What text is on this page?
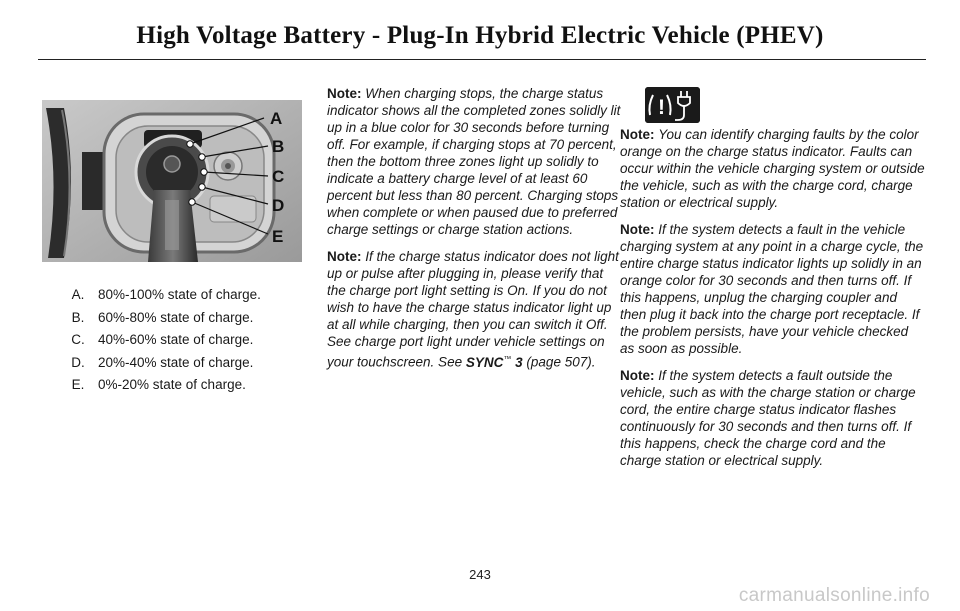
High Voltage Battery - Plug-In Hybrid Electric Vehicle (PHEV)
A
B
C
D
E
A.	80%-100% state of charge.
B.	60%-80% state of charge.
C. 40%-60% state of charge.
D. 20%-40% state of charge.
E.	0%-20% state of charge.

Note: When charging stops, the charge status indicator shows all the completed zones solidly lit up in a blue color for 30 seconds before turning off. For example, if charging stops at 70 percent, then the bottom three zones light up solidly to indicate a battery charge level of at least 60 percent but less than 80 percent. Charging stops when complete or when paused due to preferred charge settings or charge station actions.

Note: If the charge status indicator does not light up or pulse after plugging in, please verify that the charge port light setting is On. If you do not wish to have the charge status indicator light up at all while charging, then you can switch it Off. See charge port light under vehicle settings on your touchscreen. See SYNC™ 3 (page 507).

!

Note: You can identify charging faults by the color orange on the charge status indicator. Faults can occur within the vehicle charging system or outside the vehicle, such as with the charge cord, charge station or electrical supply.

Note: If the system detects a fault in the vehicle charging system at any point in a charge cycle, the entire charge status indicator lights up solidly in an orange color for 30 seconds and then turns off. If this happens, unplug the charging coupler and then plug it back into the charge port receptacle. If the problem persists, have your vehicle checked as soon as possible.

Note: If the system detects a fault outside the vehicle, such as with the charge station or charge cord, the entire charge status indicator flashes continuously for 30 seconds and then turns off. If this happens, check the charge cord and the charge station or electrical supply.

243
carmanualsonline.info
